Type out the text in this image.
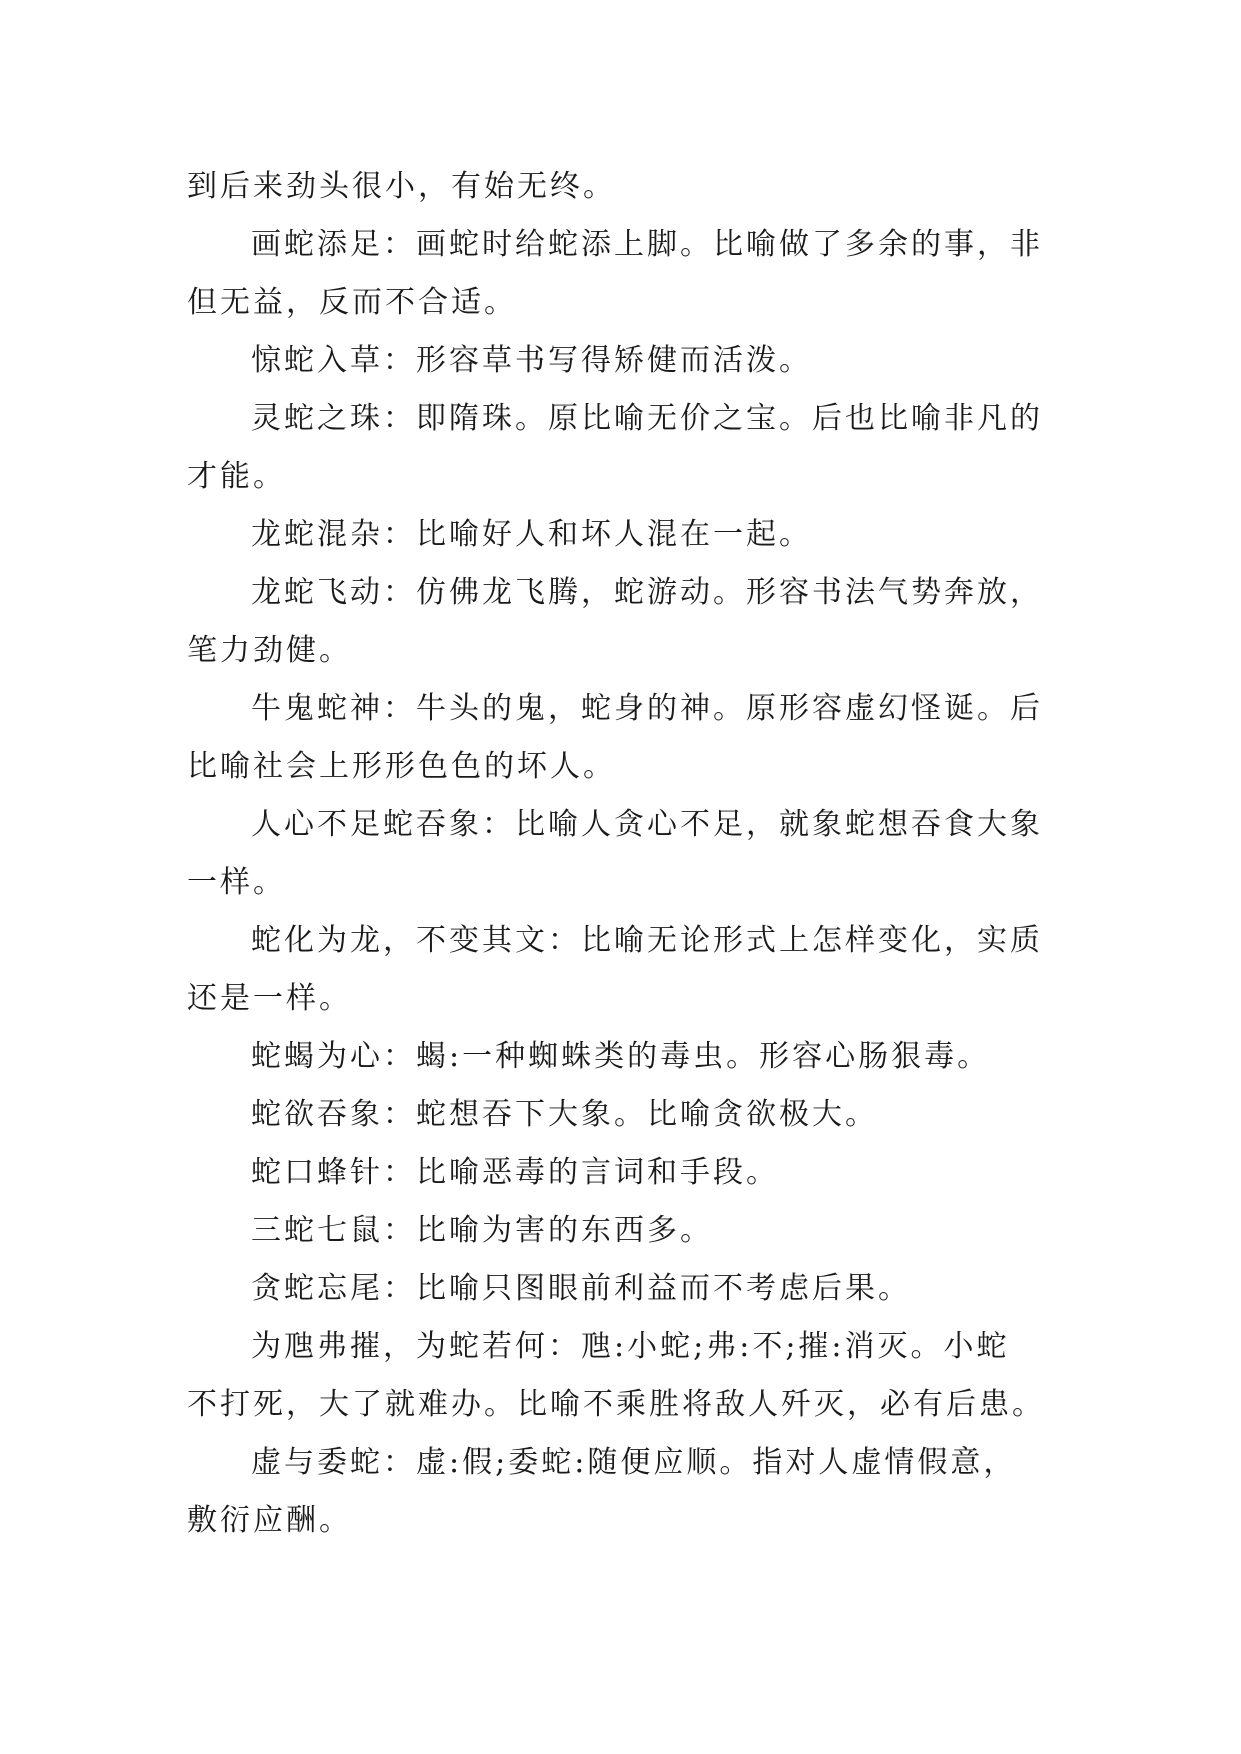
到后来劲头很小，有始无终。
画蛇添足：画蛇时给蛇添上脚。比喻做了多余的事，非
但无益，反而不合适。
惊蛇入草：形容草书写得矫健而活泼。
灵蛇之珠：即隋珠。原比喻无价之宝。后也比喻非凡的
才能。
龙蛇混杂：比喻好人和坏人混在一起。
龙蛇飞动：仿佛龙飞腾，蛇游动。形容书法气势奔放，
笔力劲健。
牛鬼蛇神：牛头的鬼，蛇身的神。原形容虚幻怪诞。后
比喻社会上形形色色的坏人。
人心不足蛇吞象：比喻人贪心不足，就象蛇想吞食大象
一样。
蛇化为龙，不变其文：比喻无论形式上怎样变化，实质
还是一样。
蛇蝎为心：蝎:一种蜘蛛类的毒虫。形容心肠狠毒。
蛇欲吞象：蛇想吞下大象。比喻贪欲极大。
蛇口蜂针：比喻恶毒的言词和手段。
三蛇七鼠：比喻为害的东西多。
贪蛇忘尾：比喻只图眼前利益而不考虑后果。
为虺弗摧，为蛇若何：虺:小蛇;弗:不;摧:消灭。小蛇
不打死，大了就难办。比喻不乘胜将敌人歼灭，必有后患。
虚与委蛇：虚:假;委蛇:随便应顺。指对人虚情假意，
敷衍应酬。
